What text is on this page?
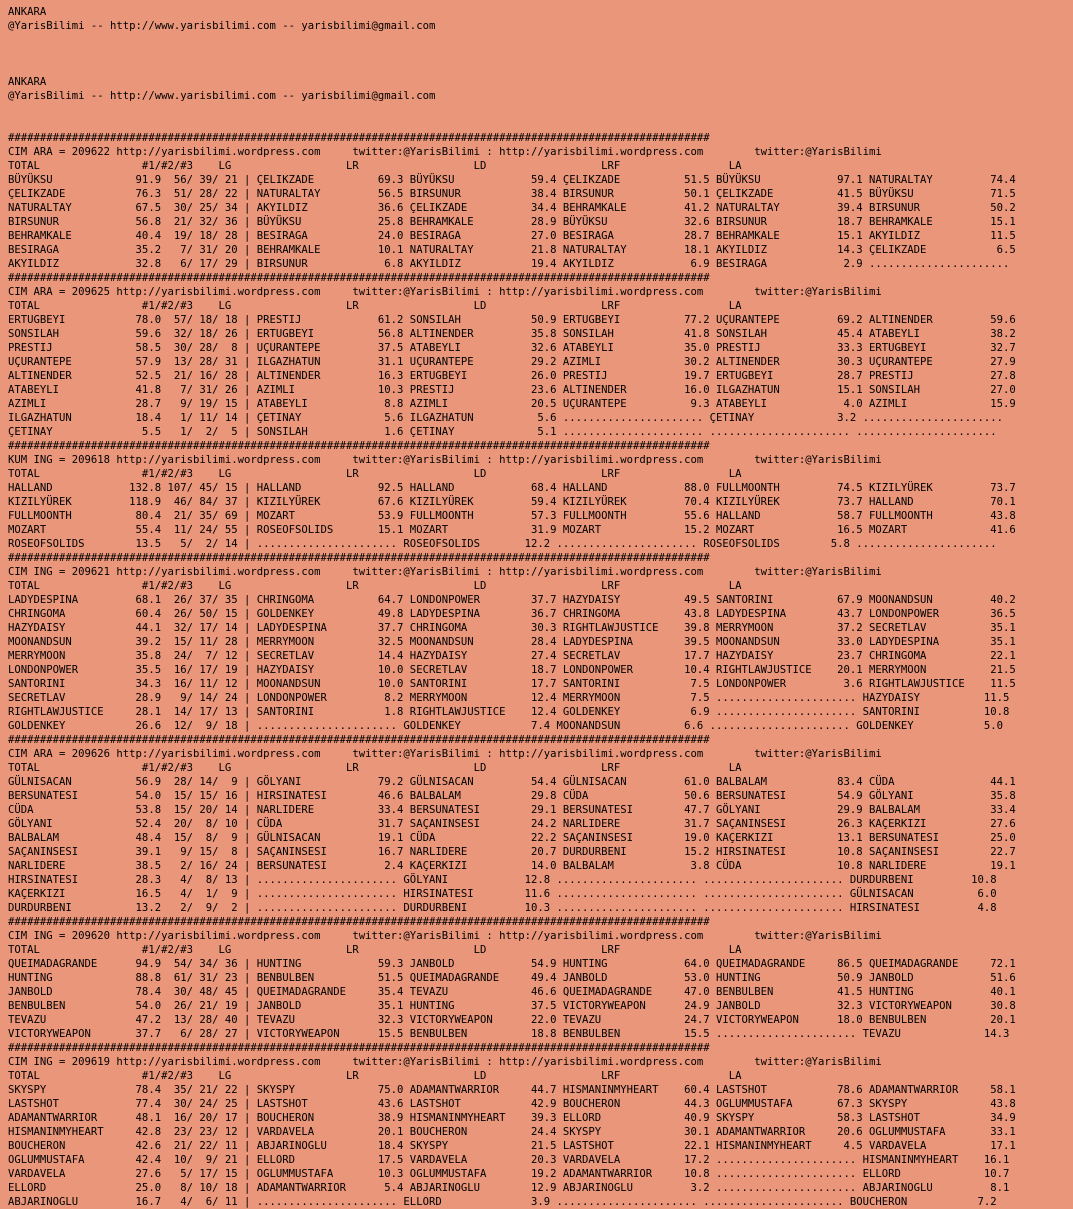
ANKARA
@YarisBilimi -- http://www.yarisbilimi.com -- yarisbilimi@gmail.com
ANKARA
@YarisBilimi -- http://www.yarisbilimi.com -- yarisbilimi@gmail.com
##############################################################################################################
CIM ARA = 209622 http://yarisbilimi.wordpress.com     twitter:@YarisBilimi : http://yarisbilimi.wordpress.com        twitter:@YarisBilimi
TOTAL                #1/#2/#3    LG                  LR                  LD                  LRF                 LA
BÜYÜKSU             91.9  56/ 39/ 21 | ÇELIKZADE          69.3 BÜYÜKSU            59.4 ÇELIKZADE          51.5 BÜYÜKSU            97.1 NATURALTAY         74.4
ÇELIKZADE           76.3  51/ 28/ 22 | NATURALTAY         56.5 BIRSUNUR           38.4 BIRSUNUR           50.1 ÇELIKZADE          41.5 BÜYÜKSU            71.5
NATURALTAY          67.5  30/ 25/ 34 | AKYILDIZ           36.6 ÇELIKZADE          34.4 BEHRAMKALE         41.2 NATURALTAY         39.4 BIRSUNUR           50.2
BIRSUNUR            56.8  21/ 32/ 36 | BÜYÜKSU            25.8 BEHRAMKALE         28.9 BÜYÜKSU            32.6 BIRSUNUR           18.7 BEHRAMKALE         15.1
BEHRAMKALE          40.4  19/ 18/ 28 | BESIRAGA           24.0 BESIRAGA           27.0 BESIRAGA           28.7 BEHRAMKALE         15.1 AKYILDIZ           11.5
BESIRAGA            35.2   7/ 31/ 20 | BEHRAMKALE         10.1 NATURALTAY         21.8 NATURALTAY         18.1 AKYILDIZ           14.3 ÇELIKZADE           6.5
AKYILDIZ            32.8   6/ 17/ 29 | BIRSUNUR            6.8 AKYILDIZ           19.4 AKYILDIZ            6.9 BESIRAGA            2.9 ......................
##############################################################################################################
CIM ARA = 209625 http://yarisbilimi.wordpress.com     twitter:@YarisBilimi : http://yarisbilimi.wordpress.com        twitter:@YarisBilimi
TOTAL                #1/#2/#3    LG                  LR                  LD                  LRF                 LA
ERTUGBEYI           78.0  57/ 18/ 18 | PRESTIJ            61.2 SONSILAH           50.9 ERTUGBEYI          77.2 UÇURANTEPE         69.2 ALTINENDER         59.6
SONSILAH            59.6  32/ 18/ 26 | ERTUGBEYI          56.8 ALTINENDER         35.8 SONSILAH           41.8 SONSILAH           45.4 ATABEYLI           38.2
PRESTIJ             58.5  30/ 28/  8 | UÇURANTEPE         37.5 ATABEYLI           32.6 ATABEYLI           35.0 PRESTIJ            33.3 ERTUGBEYI          32.7
UÇURANTEPE          57.9  13/ 28/ 31 | ILGAZHATUN         31.1 UÇURANTEPE         29.2 AZIMLI             30.2 ALTINENDER         30.3 UÇURANTEPE         27.9
ALTINENDER          52.5  21/ 16/ 28 | ALTINENDER         16.3 ERTUGBEYI          26.0 PRESTIJ            19.7 ERTUGBEYI          28.7 PRESTIJ            27.8
ATABEYLI            41.8   7/ 31/ 26 | AZIMLI             10.3 PRESTIJ            23.6 ALTINENDER         16.0 ILGAZHATUN         15.1 SONSILAH           27.0
AZIMLI              28.7   9/ 19/ 15 | ATABEYLI            8.8 AZIMLI             20.5 UÇURANTEPE          9.3 ATABEYLI            4.0 AZIMLI             15.9
ILGAZHATUN          18.4   1/ 11/ 14 | ÇETINAY             5.6 ILGAZHATUN          5.6 ...................... ÇETINAY             3.2 ......................
ÇETINAY              5.5   1/  2/  5 | SONSILAH            1.6 ÇETINAY             5.1 ...................... ...................... ......................
##############################################################################################################
KUM ING = 209618 http://yarisbilimi.wordpress.com     twitter:@YarisBilimi : http://yarisbilimi.wordpress.com        twitter:@YarisBilimi
TOTAL                #1/#2/#3    LG                  LR                  LD                  LRF                 LA
HALLAND            132.8 107/ 45/ 15 | HALLAND            92.5 HALLAND            68.4 HALLAND            88.0 FULLMOONTH         74.5 KIZILYÜREK         73.7
KIZILYÜREK         118.9  46/ 84/ 37 | KIZILYÜREK         67.6 KIZILYÜREK         59.4 KIZILYÜREK         70.4 KIZILYÜREK         73.7 HALLAND            70.1
FULLMOONTH          80.4  21/ 35/ 69 | MOZART             53.9 FULLMOONTH         57.3 FULLMOONTH         55.6 HALLAND            58.7 FULLMOONTH         43.8
MOZART              55.4  11/ 24/ 55 | ROSEOFSOLIDS       15.1 MOZART             31.9 MOZART             15.2 MOZART             16.5 MOZART             41.6
ROSEOFSOLIDS        13.5   5/  2/ 14 | ...................... ROSEOFSOLIDS       12.2 ...................... ROSEOFSOLIDS        5.8 ......................
##############################################################################################################
CIM ING = 209621 http://yarisbilimi.wordpress.com     twitter:@YarisBilimi : http://yarisbilimi.wordpress.com        twitter:@YarisBilimi
TOTAL                #1/#2/#3    LG                  LR                  LD                  LRF                 LA
LADYDESPINA         68.1  26/ 37/ 35 | CHRINGOMA          64.7 LONDONPOWER        37.7 HAZYDAISY          49.5 SANTORINI          67.9 MOONANDSUN         40.2
CHRINGOMA           60.4  26/ 50/ 15 | GOLDENKEY          49.8 LADYDESPINA        36.7 CHRINGOMA          43.8 LADYDESPINA        43.7 LONDONPOWER        36.5
HAZYDAISY           44.1  32/ 17/ 14 | LADYDESPINA        37.7 CHRINGOMA          30.3 RIGHTLAWJUSTICE    39.8 MERRYMOON          37.2 SECRETLAV          35.1
MOONANDSUN          39.2  15/ 11/ 28 | MERRYMOON          32.5 MOONANDSUN         28.4 LADYDESPINA        39.5 MOONANDSUN         33.0 LADYDESPINA        35.1
MERRYMOON           35.8  24/  7/ 12 | SECRETLAV          14.4 HAZYDAISY          27.4 SECRETLAV          17.7 HAZYDAISY          23.7 CHRINGOMA          22.1
LONDONPOWER         35.5  16/ 17/ 19 | HAZYDAISY          10.0 SECRETLAV          18.7 LONDONPOWER        10.4 RIGHTLAWJUSTICE    20.1 MERRYMOON          21.5
SANTORINI           34.3  16/ 11/ 12 | MOONANDSUN         10.0 SANTORINI          17.7 SANTORINI           7.5 LONDONPOWER         3.6 RIGHTLAWJUSTICE    11.5
SECRETLAV           28.9   9/ 14/ 24 | LONDONPOWER         8.2 MERRYMOON          12.4 MERRYMOON           7.5 ...................... HAZYDAISY          11.5
RIGHTLAWJUSTICE     28.1  14/ 17/ 13 | SANTORINI           1.8 RIGHTLAWJUSTICE    12.4 GOLDENKEY           6.9 ...................... SANTORINI          10.8
GOLDENKEY           26.6  12/  9/ 18 | ...................... GOLDENKEY           7.4 MOONANDSUN          6.6 ...................... GOLDENKEY           5.0
##############################################################################################################
CIM ARA = 209626 http://yarisbilimi.wordpress.com     twitter:@YarisBilimi : http://yarisbilimi.wordpress.com        twitter:@YarisBilimi
TOTAL                #1/#2/#3    LG                  LR                  LD                  LRF                 LA
GÜLNISACAN          56.9  28/ 14/  9 | GÖLYANI            79.2 GÜLNISACAN         54.4 GÜLNISACAN         61.0 BALBALAM           83.4 CÜDA               44.1
BERSUNATESI         54.0  15/ 15/ 16 | HIRSINATESI        46.6 BALBALAM           29.8 CÜDA               50.6 BERSUNATESI        54.9 GÖLYANI            35.8
CÜDA                53.8  15/ 20/ 14 | NARLIDERE          33.4 BERSUNATESI        29.1 BERSUNATESI        47.7 GÖLYANI            29.9 BALBALAM           33.4
GÖLYANI             52.4  20/  8/ 10 | CÜDA               31.7 SAÇANINSESI        24.2 NARLIDERE          31.7 SAÇANINSESI        26.3 KAÇERKIZI          27.6
BALBALAM            48.4  15/  8/  9 | GÜLNISACAN         19.1 CÜDA               22.2 SAÇANINSESI        19.0 KAÇERKIZI          13.1 BERSUNATESI        25.0
SAÇANINSESI         39.1   9/ 15/  8 | SAÇANINSESI        16.7 NARLIDERE          20.7 DURDURBENI         15.2 HIRSINATESI        10.8 SAÇANINSESI        22.7
NARLIDERE           38.5   2/ 16/ 24 | BERSUNATESI         2.4 KAÇERKIZI          14.0 BALBALAM            3.8 CÜDA               10.8 NARLIDERE          19.1
HIRSINATESI         28.3   4/  8/ 13 | ...................... GÖLYANI            12.8 ...................... ...................... DURDURBENI         10.8
KAÇERKIZI           16.5   4/  1/  9 | ...................... HIRSINATESI        11.6 ...................... ...................... GÜLNISACAN          6.0
DURDURBENI          13.2   2/  9/  2 | ...................... DURDURBENI         10.3 ...................... ...................... HIRSINATESI         4.8
##############################################################################################################
CIM ING = 209620 http://yarisbilimi.wordpress.com     twitter:@YarisBilimi : http://yarisbilimi.wordpress.com        twitter:@YarisBilimi
TOTAL                #1/#2/#3    LG                  LR                  LD                  LRF                 LA
QUEIMADAGRANDE      94.9  54/ 34/ 36 | HUNTING            59.3 JANBOLD            54.9 HUNTING            64.0 QUEIMADAGRANDE     86.5 QUEIMADAGRANDE     72.1
HUNTING             88.8  61/ 31/ 23 | BENBULBEN          51.5 QUEIMADAGRANDE     49.4 JANBOLD            53.0 HUNTING            50.9 JANBOLD            51.6
JANBOLD             78.4  30/ 48/ 45 | QUEIMADAGRANDE     35.4 TEVAZU             46.6 QUEIMADAGRANDE     47.0 BENBULBEN          41.5 HUNTING            40.1
BENBULBEN           54.0  26/ 21/ 19 | JANBOLD            35.1 HUNTING            37.5 VICTORYWEAPON      24.9 JANBOLD            32.3 VICTORYWEAPON      30.8
TEVAZU              47.2  13/ 28/ 40 | TEVAZU             32.3 VICTORYWEAPON      22.0 TEVAZU             24.7 VICTORYWEAPON      18.0 BENBULBEN          20.1
VICTORYWEAPON       37.7   6/ 28/ 27 | VICTORYWEAPON      15.5 BENBULBEN          18.8 BENBULBEN          15.5 ...................... TEVAZU             14.3
##############################################################################################################
CIM ING = 209619 http://yarisbilimi.wordpress.com     twitter:@YarisBilimi : http://yarisbilimi.wordpress.com        twitter:@YarisBilimi
TOTAL                #1/#2/#3    LG                  LR                  LD                  LRF                 LA
SKYSPY              78.4  35/ 21/ 22 | SKYSPY             75.0 ADAMANTWARRIOR     44.7 HISMANINMYHEART    60.4 LASTSHOT           78.6 ADAMANTWARRIOR     58.1
LASTSHOT            77.4  30/ 24/ 25 | LASTSHOT           43.6 LASTSHOT           42.9 BOUCHERON          44.3 OGLUMMUSTAFA       67.3 SKYSPY             43.8
ADAMANTWARRIOR      48.1  16/ 20/ 17 | BOUCHERON          38.9 HISMANINMYHEART    39.3 ELLORD             40.9 SKYSPY             58.3 LASTSHOT           34.9
HISMANINMYHEART     42.8  23/ 23/ 12 | VARDAVELA          20.1 BOUCHERON          24.4 SKYSPY             30.1 ADAMANTWARRIOR     20.6 OGLUMMUSTAFA       33.1
BOUCHERON           42.6  21/ 22/ 11 | ABJARINOGLU        18.4 SKYSPY             21.5 LASTSHOT           22.1 HISMANINMYHEART     4.5 VARDAVELA          17.1
OGLUMMUSTAFA        42.4  10/  9/ 21 | ELLORD             17.5 VARDAVELA          20.3 VARDAVELA          17.2 ...................... HISMANINMYHEART    16.1
VARDAVELA           27.6   5/ 17/ 15 | OGLUMMUSTAFA       10.3 OGLUMMUSTAFA       19.2 ADAMANTWARRIOR     10.8 ...................... ELLORD             10.7
ELLORD              25.0   8/ 10/ 18 | ADAMANTWARRIOR      5.4 ABJARINOGLU        12.9 ABJARINOGLU         3.2 ...................... ABJARINOGLU         8.1
ABJARINOGLU         16.7   4/  6/ 11 | ...................... ELLORD              3.9 ...................... ...................... BOUCHERON           7.2
